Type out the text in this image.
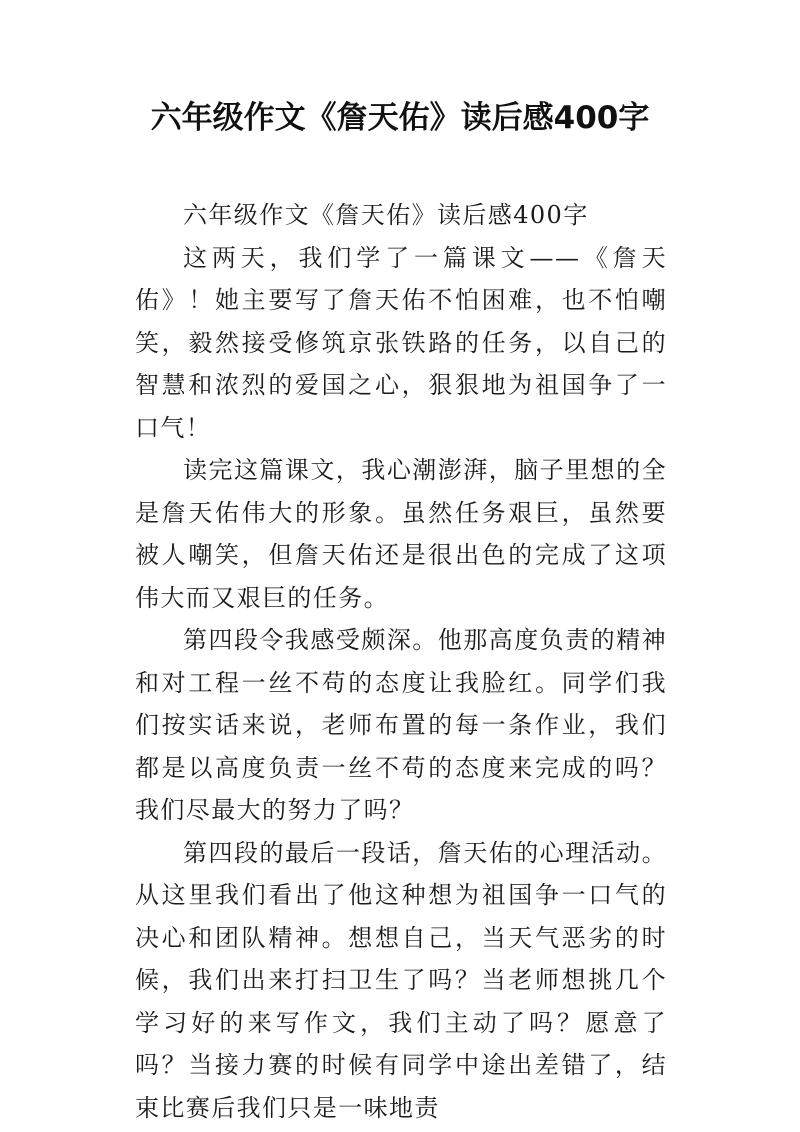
六年级作文《詹天佑》读后感400字

六年级作文《詹天佑》读后感400字

这两天，我们学了一篇课文——《詹天佑》！她主要写了詹天佑不怕困难，也不怕嘲笑，毅然接受修筑京张铁路的任务，以自己的智慧和浓烈的爱国之心，狠狠地为祖国争了一口气！

读完这篇课文，我心潮澎湃，脑子里想的全是詹天佑伟大的形象。虽然任务艰巨，虽然要被人嘲笑，但詹天佑还是很出色的完成了这项伟大而又艰巨的任务。

第四段令我感受颇深。他那高度负责的精神和对工程一丝不苟的态度让我脸红。同学们我们按实话来说，老师布置的每一条作业，我们都是以高度负责一丝不苟的态度来完成的吗？我们尽最大的努力了吗？

第四段的最后一段话，詹天佑的心理活动。从这里我们看出了他这种想为祖国争一口气的决心和团队精神。想想自己，当天气恶劣的时候，我们出来打扫卫生了吗？当老师想挑几个学习好的来写作文，我们主动了吗？愿意了吗？当接力赛的时候有同学中途出差错了，结束比赛后我们只是一味地责
